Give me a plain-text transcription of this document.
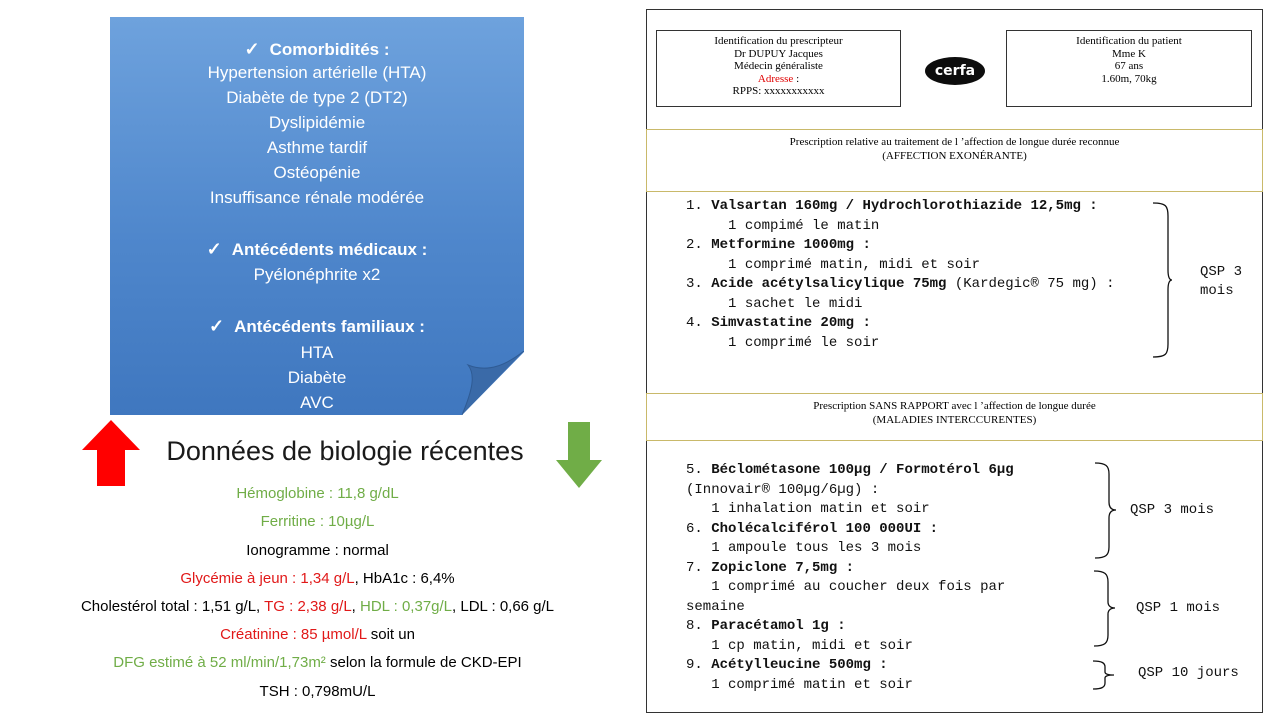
✓ Comorbidités :
Hypertension artérielle (HTA)
Diabète de type 2 (DT2)
Dyslipidémie
Asthme tardif
Ostéopénie
Insuffisance rénale modérée
✓ Antécédents médicaux :
Pyélonéphrite x2
✓ Antécédents familiaux :
HTA
Diabète
AVC
Données de biologie récentes
Hémoglobine : 11,8 g/dL
Ferritine : 10µg/L
Ionogramme : normal
Glycémie à jeun : 1,34 g/L, HbA1c : 6,4%
Cholestérol total : 1,51 g/L, TG : 2,38 g/L, HDL : 0,37g/L, LDL : 0,66 g/L
Créatinine : 85 µmol/L soit un
DFG estimé à 52 ml/min/1,73m² selon la formule de CKD-EPI
TSH : 0,798mU/L
Identification du prescripteur
Dr DUPUY Jacques
Médecin généraliste
Adresse :
RPPS: xxxxxxxxxxx
cerfa
Identification du patient
Mme K
67 ans
1.60m, 70kg
Prescription relative au traitement de l ’affection de longue durée reconnue
(AFFECTION EXONÉRANTE)
1. Valsartan 160mg / Hydrochlorothiazide 12,5mg :
1 compimé le matin
2. Metformine 1000mg :
1 comprimé matin, midi et soir
3. Acide acétylsalicylique 75mg (Kardegic® 75 mg) :
1 sachet le midi
4. Simvastatine 20mg :
1 comprimé le soir
QSP 3
mois
Prescription SANS RAPPORT avec l ’affection de longue durée
(MALADIES INTERCCURENTES)
5. Béclométasone 100µg / Formotérol 6µg
(Innovair® 100µg/6µg) :
1 inhalation matin et soir
6. Cholécalciférol 100 000UI :
1 ampoule tous les 3 mois
7. Zopiclone 7,5mg :
1 comprimé au coucher deux fois par
semaine
8. Paracétamol 1g :
1 cp matin, midi et soir
9. Acétylleucine 500mg :
1 comprimé matin et soir
QSP 3 mois
QSP 1 mois
QSP 10 jours
